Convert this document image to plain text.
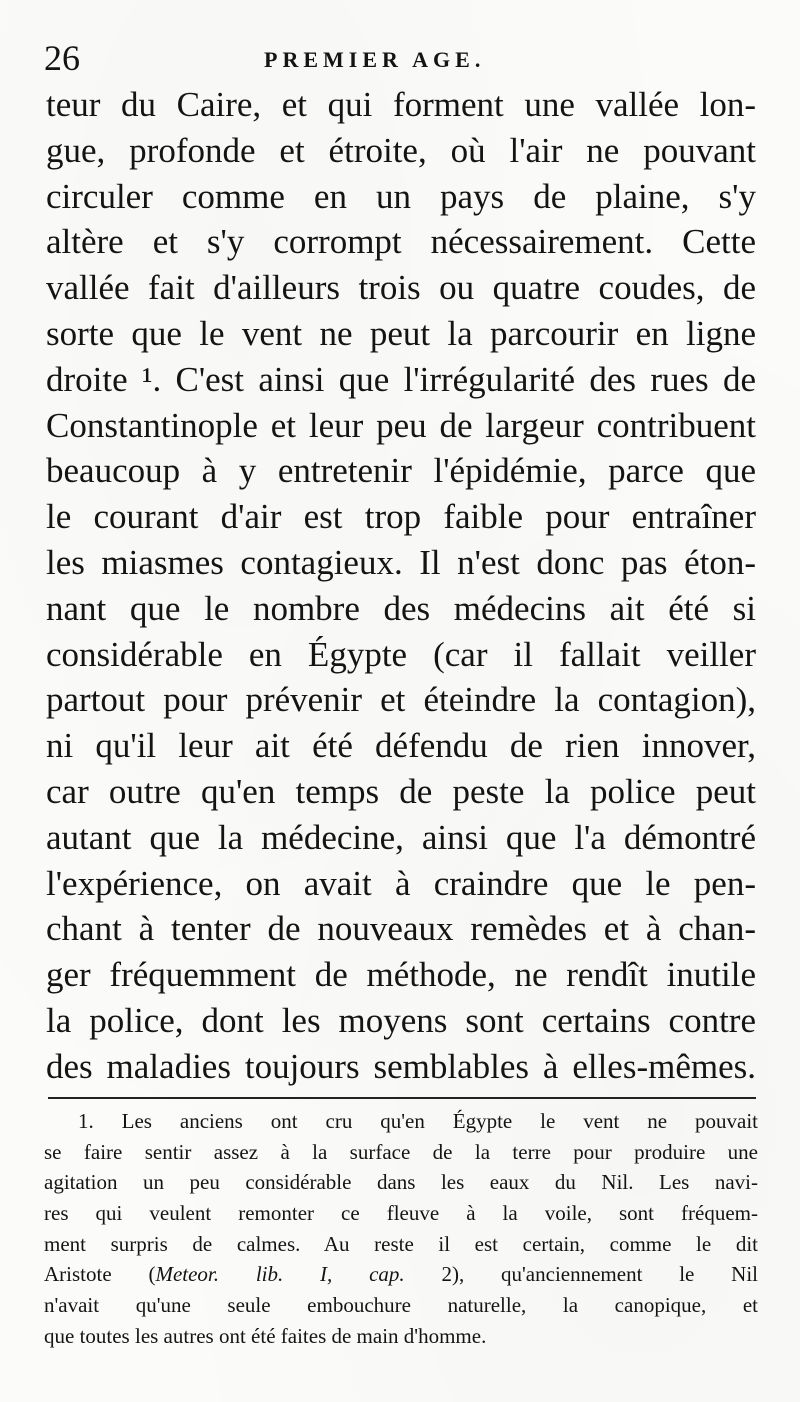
26	PREMIER AGE.
teur du Caire, et qui forment une vallée lon-
gue, profonde et étroite, où l'air ne pouvant
circuler comme en un pays de plaine, s'y
altère et s'y corrompt nécessairement. Cette
vallée fait d'ailleurs trois ou quatre coudes, de
sorte que le vent ne peut la parcourir en ligne
droite ¹. C'est ainsi que l'irrégularité des rues de
Constantinople et leur peu de largeur contribuent
beaucoup à y entretenir l'épidémie, parce que
le courant d'air est trop faible pour entraîner
les miasmes contagieux. Il n'est donc pas éton-
nant que le nombre des médecins ait été si
considérable en Égypte (car il fallait veiller
partout pour prévenir et éteindre la contagion),
ni qu'il leur ait été défendu de rien innover,
car outre qu'en temps de peste la police peut
autant que la médecine, ainsi que l'a démontré
l'expérience, on avait à craindre que le pen-
chant à tenter de nouveaux remèdes et à chan-
ger fréquemment de méthode, ne rendît inutile
la police, dont les moyens sont certains contre
des maladies toujours semblables à elles-mêmes.
1. Les anciens ont cru qu'en Égypte le vent ne pouvait
se faire sentir assez à la surface de la terre pour produire une
agitation un peu considérable dans les eaux du Nil. Les navi-
res qui veulent remonter ce fleuve à la voile, sont fréquem-
ment surpris de calmes. Au reste il est certain, comme le dit
Aristote (Meteor. lib. I, cap. 2), qu'anciennement le Nil
n'avait qu'une seule embouchure naturelle, la canopique, et
que toutes les autres ont été faites de main d'homme.
